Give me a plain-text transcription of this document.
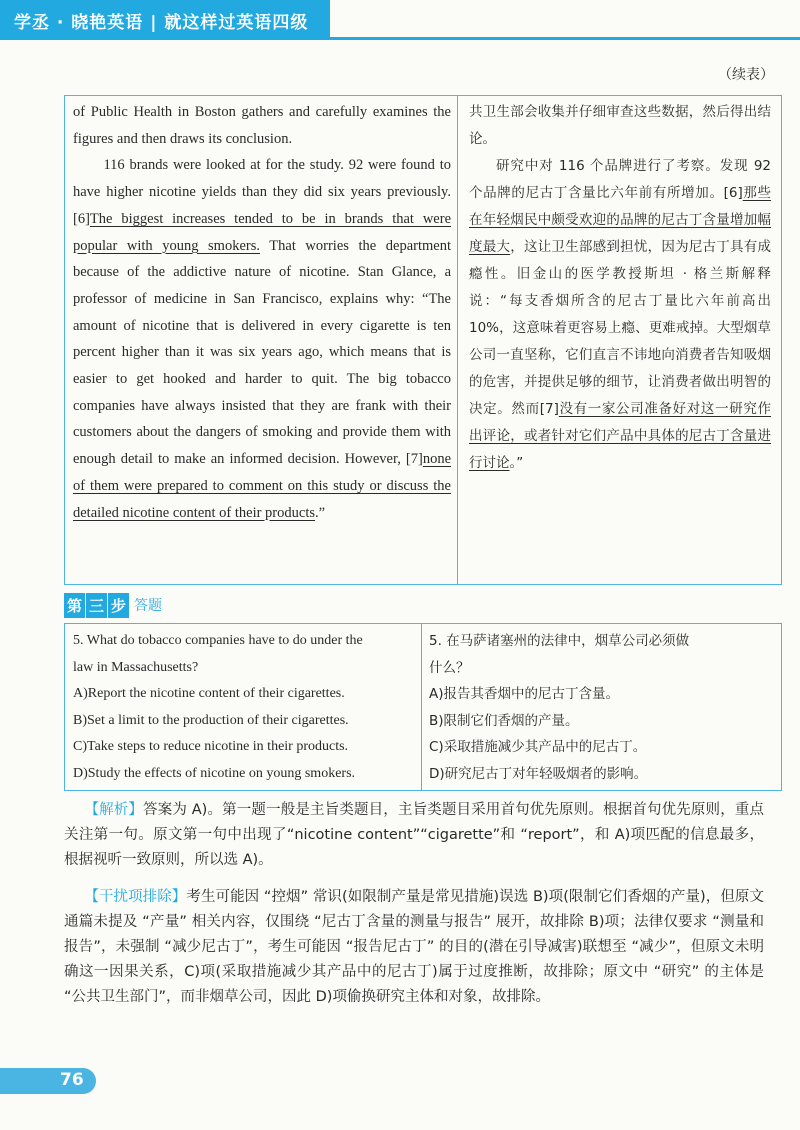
学丞 · 晓艳英语 | 就这样过英语四级
（续表）

of Public Health in Boston gathers and carefully examines the figures and then draws its conclusion.

116 brands were looked at for the study. 92 were found to have higher nicotine yields than they did six years previously. [6]The biggest increases tended to be in brands that were popular with young smokers. That worries the department because of the addictive nature of nicotine. Stan Glance, a professor of medicine in San Francisco, explains why: “The amount of nicotine that is delivered in every cigarette is ten percent higher than it was six years ago, which means that is easier to get hooked and harder to quit. The big tobacco companies have always insisted that they are frank with their customers about the dangers of smoking and provide them with enough detail to make an informed decision. However, [7]none of them were prepared to comment on this study or discuss the detailed nicotine content of their products.”

共卫生部会收集并仔细审查这些数据，然后得出结论。

研究中对 116 个品牌进行了考察。发现 92 个品牌的尼古丁含量比六年前有所增加。[6]那些在年轻烟民中颇受欢迎的品牌的尼古丁含量增加幅度最大，这让卫生部感到担忧，因为尼古丁具有成瘾性。旧金山的医学教授斯坦 · 格兰斯解释说：“每支香烟所含的尼古丁量比六年前高出 10%，这意味着更容易上瘾、更难戒掉。大型烟草公司一直坚称，它们直言不讳地向消费者告知吸烟的危害，并提供足够的细节，让消费者做出明智的决定。然而[7]没有一家公司准备好对这一研究作出评论，或者针对它们产品中具体的尼古丁含量进行讨论。”

第 三 步 答题
5. What do tobacco companies have to do under the
law in Massachusetts?
A)Report the nicotine content of their cigarettes.
B)Set a limit to the production of their cigarettes.
C)Take steps to reduce nicotine in their products.
D)Study the effects of nicotine on young smokers.
5. 在马萨诸塞州的法律中，烟草公司必须做
什么？
A)报告其香烟中的尼古丁含量。
B)限制它们香烟的产量。
C)采取措施减少其产品中的尼古丁。
D)研究尼古丁对年轻吸烟者的影响。
【解析】答案为 A)。第一题一般是主旨类题目，主旨类题目采用首句优先原则。根据首句优先原则，重点关注第一句。原文第一句中出现了“nicotine content”“cigarette”和 “report”，和 A)项匹配的信息最多，根据视听一致原则，所以选 A)。
【干扰项排除】考生可能因 “控烟” 常识(如限制产量是常见措施)误选 B)项(限制它们香烟的产量)，但原文通篇未提及 “产量” 相关内容，仅围绕 “尼古丁含量的测量与报告” 展开，故排除 B)项；法律仅要求 “测量和报告”，未强制 “减少尼古丁”，考生可能因 “报告尼古丁” 的目的(潜在引导减害)联想至 “减少”，但原文未明确这一因果关系，C)项(采取措施减少其产品中的尼古丁)属于过度推断，故排除；原文中 “研究” 的主体是 “公共卫生部门”，而非烟草公司，因此 D)项偷换研究主体和对象，故排除。
76
